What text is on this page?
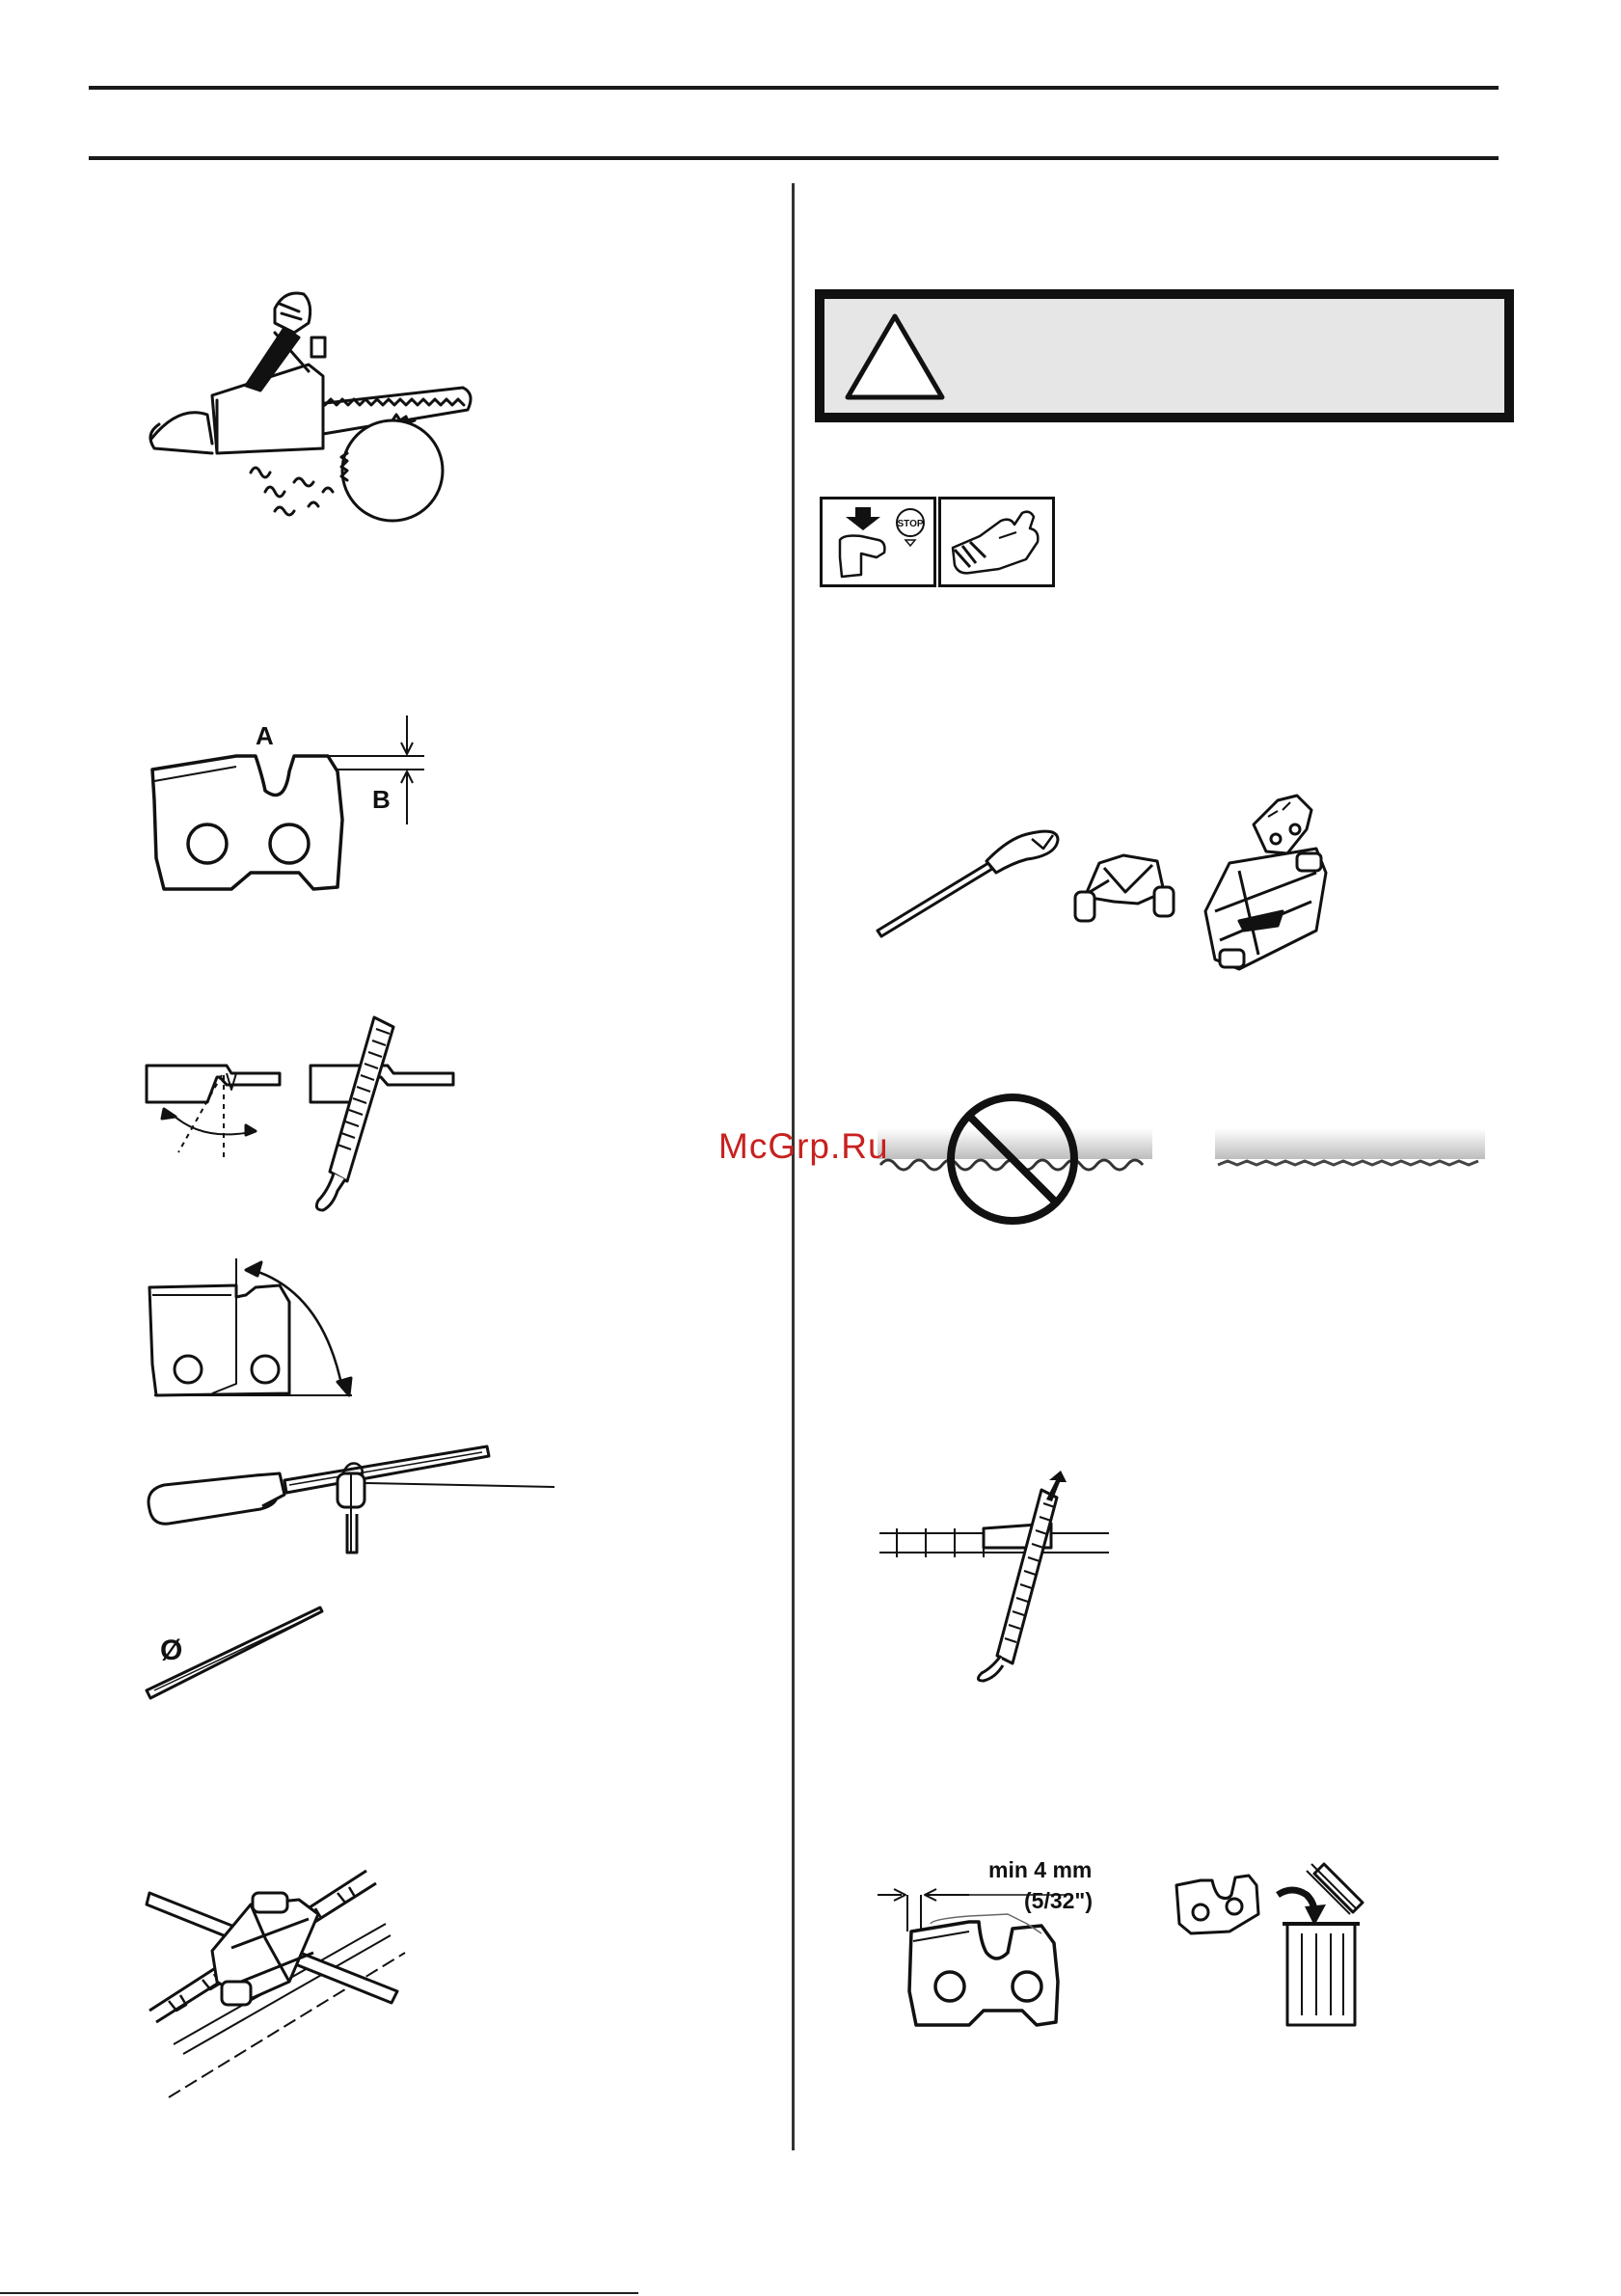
A
B
Ø
STOP
McGrp.Ru
min 4 mm
(5/32")
